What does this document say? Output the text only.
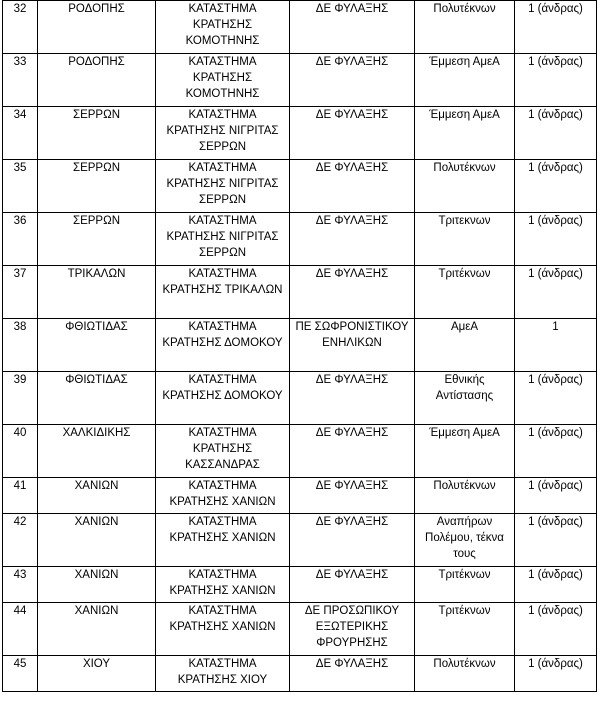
32	ΡΟΔΟΠΗΣ	ΚΑΤΑΣΤΗΜΑ ΚΡΑΤΗΣΗΣ ΚΟΜΟΤΗΝΗΣ	ΔΕ ΦΥΛΑΞΗΣ	Πολυτέκνων	1 (άνδρας)
33	ΡΟΔΟΠΗΣ	ΚΑΤΑΣΤΗΜΑ ΚΡΑΤΗΣΗΣ ΚΟΜΟΤΗΝΗΣ	ΔΕ ΦΥΛΑΞΗΣ	Έμμεση ΑμεΑ	1 (άνδρας)
34	ΣΕΡΡΩΝ	ΚΑΤΑΣΤΗΜΑ ΚΡΑΤΗΣΗΣ ΝΙΓΡΙΤΑΣ ΣΕΡΡΩΝ	ΔΕ ΦΥΛΑΞΗΣ	Έμμεση ΑμεΑ	1 (άνδρας)
35	ΣΕΡΡΩΝ	ΚΑΤΑΣΤΗΜΑ ΚΡΑΤΗΣΗΣ ΝΙΓΡΙΤΑΣ ΣΕΡΡΩΝ	ΔΕ ΦΥΛΑΞΗΣ	Πολυτέκνων	1 (άνδρας)
36	ΣΕΡΡΩΝ	ΚΑΤΑΣΤΗΜΑ ΚΡΑΤΗΣΗΣ ΝΙΓΡΙΤΑΣ ΣΕΡΡΩΝ	ΔΕ ΦΥΛΑΞΗΣ	Τριτεκνων	1 (άνδρας)
37	ΤΡΙΚΑΛΩΝ	ΚΑΤΑΣΤΗΜΑ ΚΡΑΤΗΣΗΣ ΤΡΙΚΑΛΩΝ	ΔΕ ΦΥΛΑΞΗΣ	Τριτέκνων	1 (άνδρας)
38	ΦΘΙΩΤΙΔΑΣ	ΚΑΤΑΣΤΗΜΑ ΚΡΑΤΗΣΗΣ ΔΟΜΟΚΟΥ	ΠΕ ΣΩΦΡΟΝΙΣΤΙΚΟΥ ΕΝΗΛΙΚΩΝ	ΑμεΑ	1
39	ΦΘΙΩΤΙΔΑΣ	ΚΑΤΑΣΤΗΜΑ ΚΡΑΤΗΣΗΣ ΔΟΜΟΚΟΥ	ΔΕ ΦΥΛΑΞΗΣ	Εθνικής Αντίστασης	1 (άνδρας)
40	ΧΑΛΚΙΔΙΚΗΣ	ΚΑΤΑΣΤΗΜΑ ΚΡΑΤΗΣΗΣ ΚΑΣΣΑΝΔΡΑΣ	ΔΕ ΦΥΛΑΞΗΣ	Έμμεση ΑμεΑ	1 (άνδρας)
41	ΧΑΝΙΩΝ	ΚΑΤΑΣΤΗΜΑ ΚΡΑΤΗΣΗΣ ΧΑΝΙΩΝ	ΔΕ ΦΥΛΑΞΗΣ	Πολυτέκνων	1 (άνδρας)
42	ΧΑΝΙΩΝ	ΚΑΤΑΣΤΗΜΑ ΚΡΑΤΗΣΗΣ ΧΑΝΙΩΝ	ΔΕ ΦΥΛΑΞΗΣ	Αναπήρων Πολέμου, τέκνα τους	1 (άνδρας)
43	ΧΑΝΙΩΝ	ΚΑΤΑΣΤΗΜΑ ΚΡΑΤΗΣΗΣ ΧΑΝΙΩΝ	ΔΕ ΦΥΛΑΞΗΣ	Τριτέκνων	1 (άνδρας)
44	ΧΑΝΙΩΝ	ΚΑΤΑΣΤΗΜΑ ΚΡΑΤΗΣΗΣ ΧΑΝΙΩΝ	ΔΕ ΠΡΟΣΩΠΙΚΟΥ ΕΞΩΤΕΡΙΚΗΣ ΦΡΟΥΡΗΣΗΣ	Τριτέκνων	1 (άνδρας)
45	ΧΙΟΥ	ΚΑΤΑΣΤΗΜΑ ΚΡΑΤΗΣΗΣ ΧΙΟΥ	ΔΕ ΦΥΛΑΞΗΣ	Πολυτέκνων	1 (άνδρας)
